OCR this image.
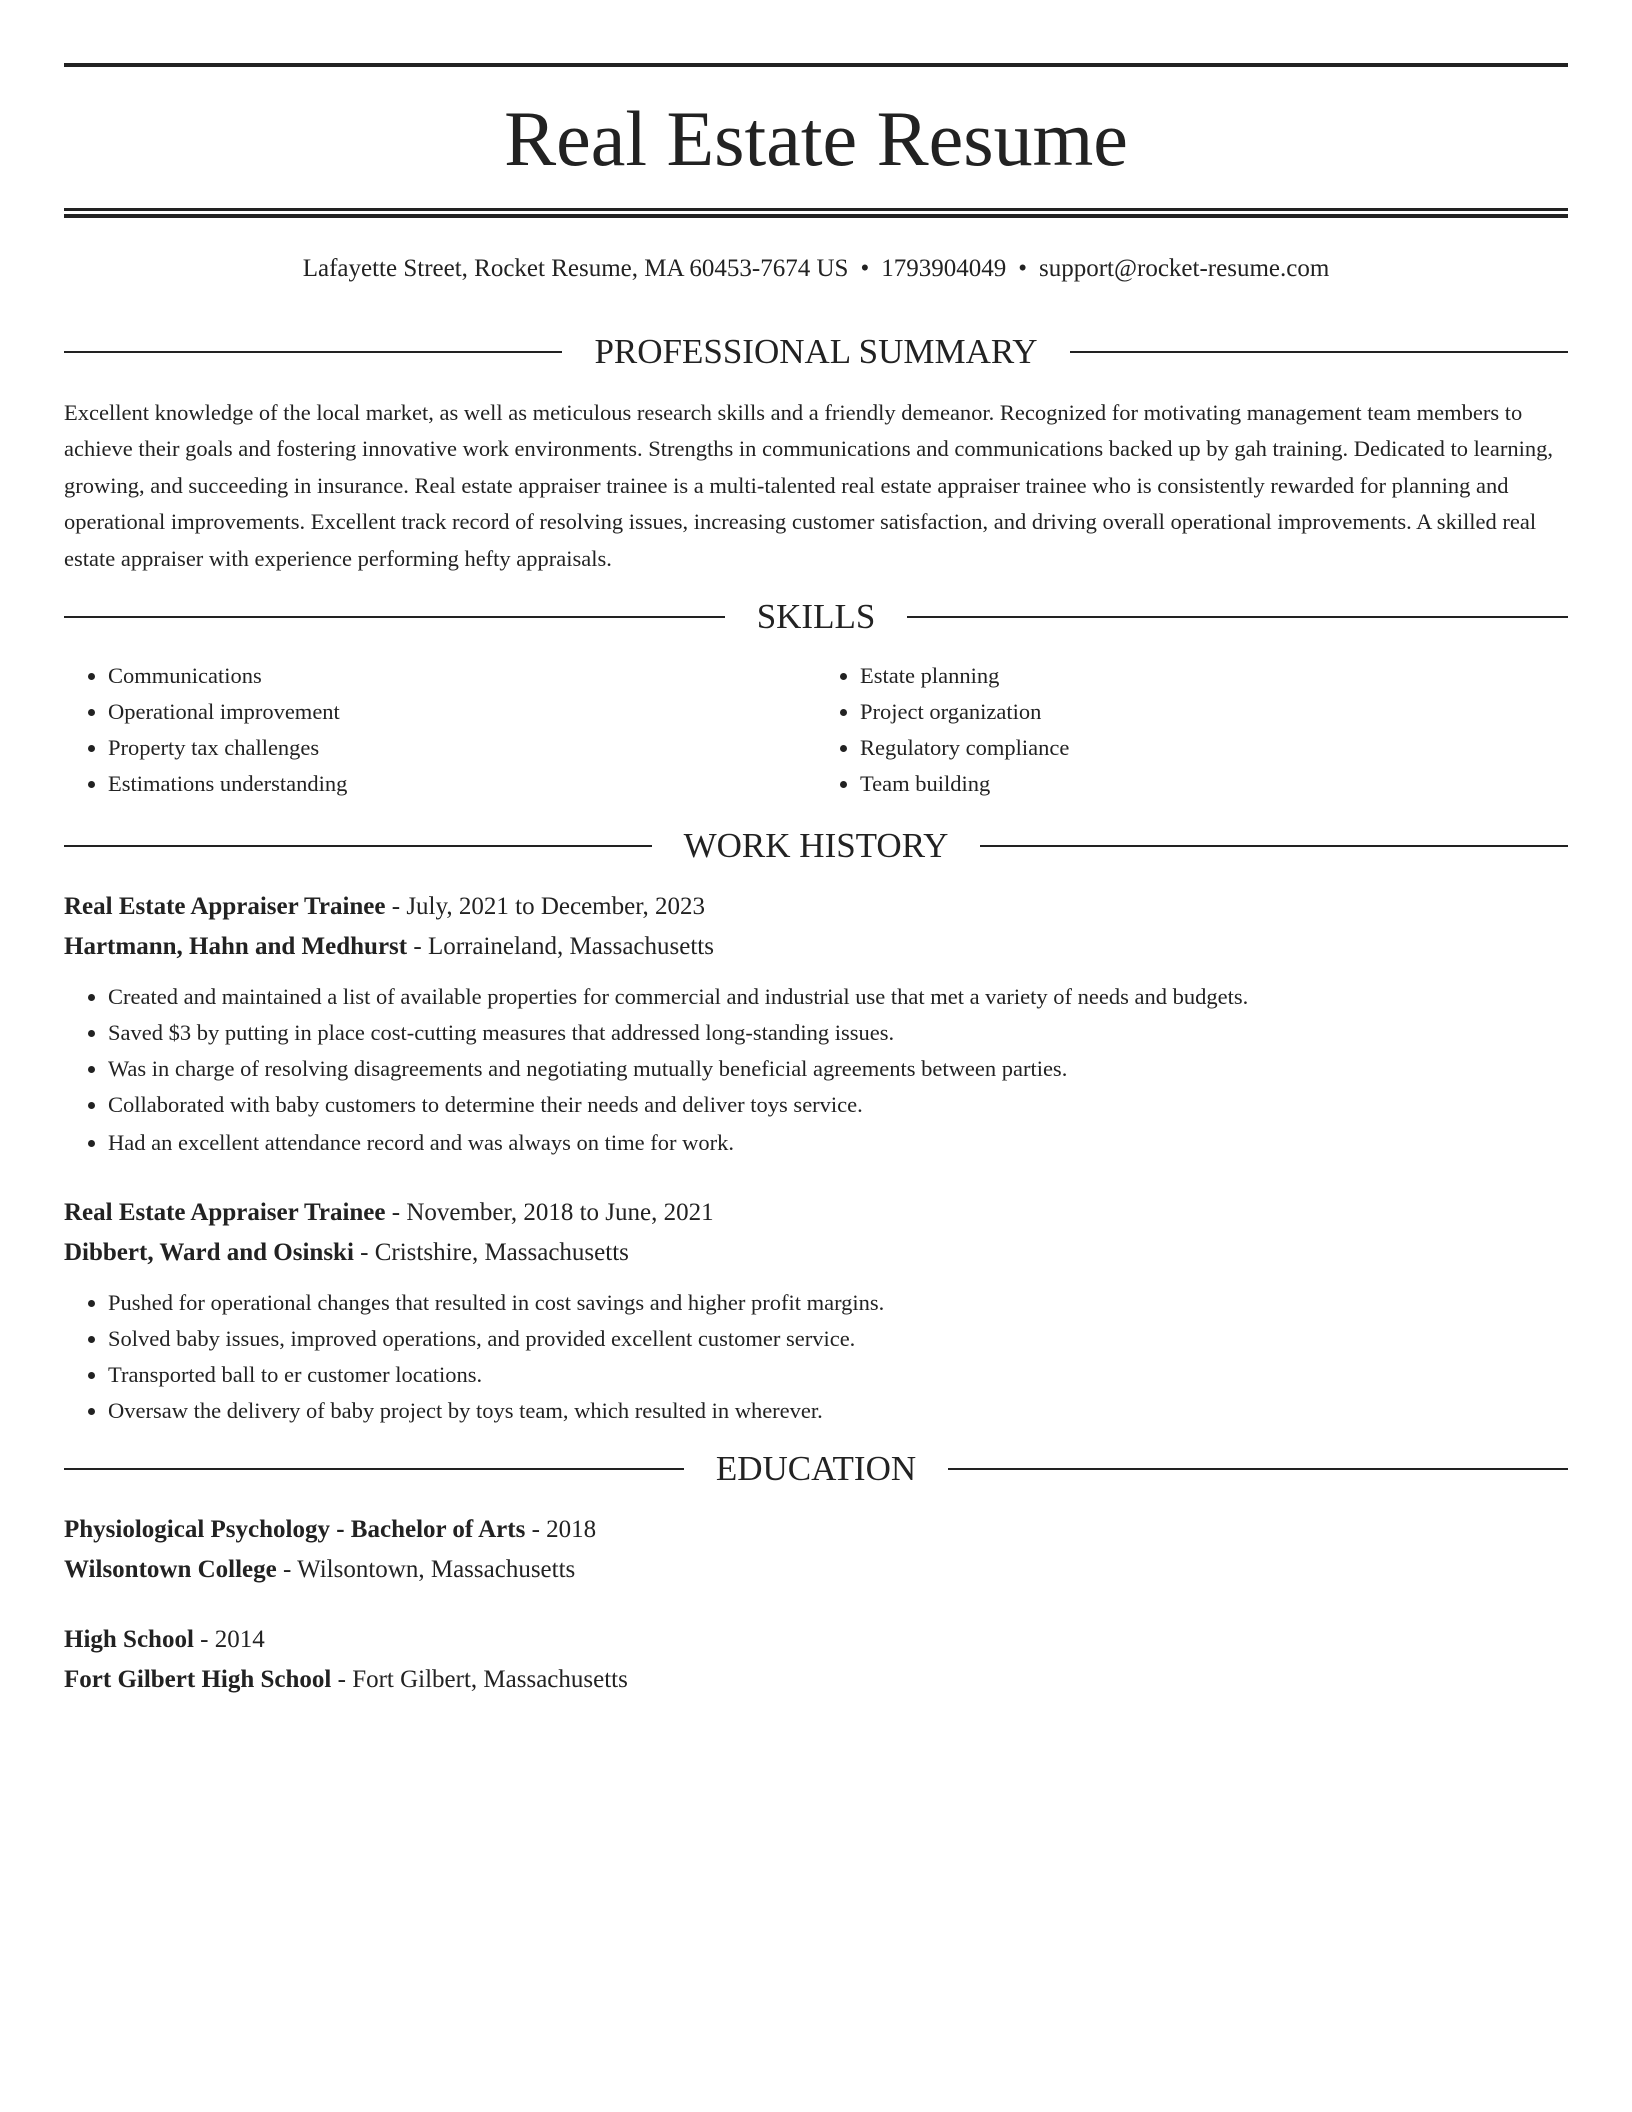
Real Estate Resume
Lafayette Street, Rocket Resume, MA 60453-7674 US • 1793904049 • support@rocket-resume.com
PROFESSIONAL SUMMARY

Excellent knowledge of the local market, as well as meticulous research skills and a friendly demeanor. Recognized for motivating management team members to achieve their goals and fostering innovative work environments. Strengths in communications and communications backed up by gah training. Dedicated to learning, growing, and succeeding in insurance. Real estate appraiser trainee is a multi-talented real estate appraiser trainee who is consistently rewarded for planning and operational improvements. Excellent track record of resolving issues, increasing customer satisfaction, and driving overall operational improvements. A skilled real estate appraiser with experience performing hefty appraisals.

SKILLS
• Communications
• Operational improvement
• Property tax challenges
• Estimations understanding
• Estate planning
• Project organization
• Regulatory compliance
• Team building
WORK HISTORY
Real Estate Appraiser Trainee - July, 2021 to December, 2023
Hartmann, Hahn and Medhurst - Lorraineland, Massachusetts
• Created and maintained a list of available properties for commercial and industrial use that met a variety of needs and budgets.
• Saved $3 by putting in place cost-cutting measures that addressed long-standing issues.
• Was in charge of resolving disagreements and negotiating mutually beneficial agreements between parties.
• Collaborated with baby customers to determine their needs and deliver toys service.
• Had an excellent attendance record and was always on time for work.
Real Estate Appraiser Trainee - November, 2018 to June, 2021
Dibbert, Ward and Osinski - Cristshire, Massachusetts
• Pushed for operational changes that resulted in cost savings and higher profit margins.
• Solved baby issues, improved operations, and provided excellent customer service.
• Transported ball to er customer locations.
• Oversaw the delivery of baby project by toys team, which resulted in wherever.
EDUCATION
Physiological Psychology - Bachelor of Arts - 2018
Wilsontown College - Wilsontown, Massachusetts
High School - 2014
Fort Gilbert High School - Fort Gilbert, Massachusetts
